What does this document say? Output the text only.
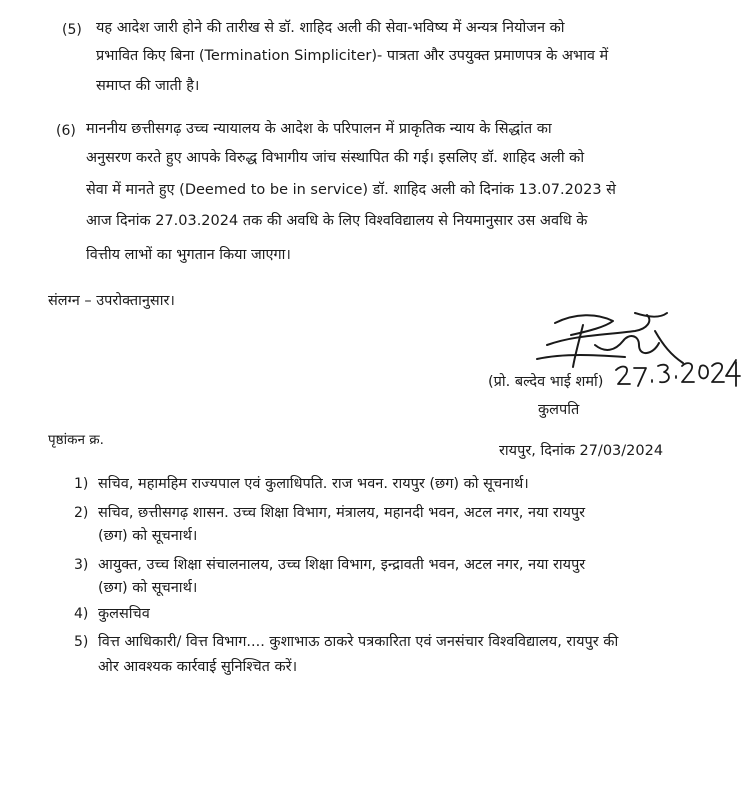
(5) यह आदेश जारी होने की तारीख से डॉ. शाहिद अली की सेवा-भविष्य में अन्यत्र नियोजन को
प्रभावित किए बिना (Termination Simpliciter)- पात्रता और उपयुक्त प्रमाणपत्र के अभाव में
समाप्त की जाती है।
(6) माननीय छत्तीसगढ़ उच्च न्यायालय के आदेश के परिपालन में प्राकृतिक न्याय के सिद्धांत का
अनुसरण करते हुए आपके विरुद्ध विभागीय जांच संस्थापित की गई। इसलिए डॉ. शाहिद अली को
सेवा में मानते हुए (Deemed to be in service) डॉ. शाहिद अली को दिनांक 13.07.2023 से
आज दिनांक 27.03.2024 तक की अवधि के लिए विश्वविद्यालय से नियमानुसार उस अवधि के
वित्तीय लाभों का भुगतान किया जाएगा।
संलग्न – उपरोक्तानुसार।
(प्रो. बल्देव भाई शर्मा)
कुलपति
पृष्ठांकन क्र.
रायपुर, दिनांक 27/03/2024
1) सचिव, महामहिम राज्यपाल एवं कुलाधिपति. राज भवन. रायपुर (छग) को सूचनार्थ।
2) सचिव, छत्तीसगढ़ शासन. उच्च शिक्षा विभाग, मंत्रालय, महानदी भवन, अटल नगर, नया रायपुर
(छग) को सूचनार्थ।
3) आयुक्त, उच्च शिक्षा संचालनालय, उच्च शिक्षा विभाग, इन्द्रावती भवन, अटल नगर, नया रायपुर
(छग) को सूचनार्थ।
4) कुलसचिव
5) वित्त आधिकारी/ वित्त विभाग.... कुशाभाऊ ठाकरे पत्रकारिता एवं जनसंचार विश्वविद्यालय, रायपुर की
ओर आवश्यक कार्रवाई सुनिश्चित करें।
